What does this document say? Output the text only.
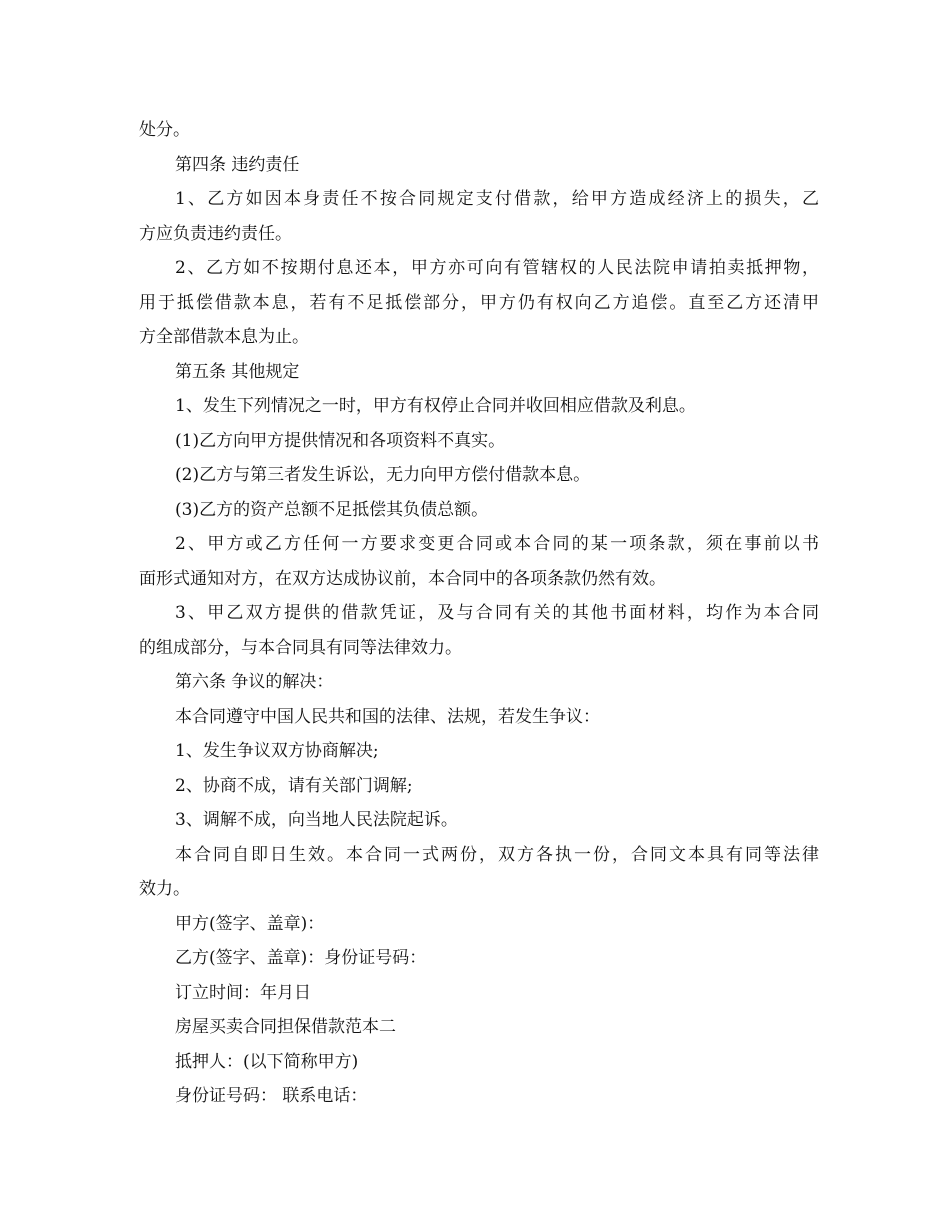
处分。
第四条 违约责任
1、乙方如因本身责任不按合同规定支付借款，给甲方造成经济上的损失，乙
方应负责违约责任。
2、乙方如不按期付息还本，甲方亦可向有管辖权的人民法院申请拍卖抵押物，
用于抵偿借款本息，若有不足抵偿部分，甲方仍有权向乙方追偿。直至乙方还清甲
方全部借款本息为止。
第五条 其他规定
1、发生下列情况之一时，甲方有权停止合同并收回相应借款及利息。
(1)乙方向甲方提供情况和各项资料不真实。
(2)乙方与第三者发生诉讼，无力向甲方偿付借款本息。
(3)乙方的资产总额不足抵偿其负债总额。
2、甲方或乙方任何一方要求变更合同或本合同的某一项条款，须在事前以书
面形式通知对方，在双方达成协议前，本合同中的各项条款仍然有效。
3、甲乙双方提供的借款凭证，及与合同有关的其他书面材料，均作为本合同
的组成部分，与本合同具有同等法律效力。
第六条 争议的解决：
本合同遵守中国人民共和国的法律、法规，若发生争议：
1、发生争议双方协商解决;
2、协商不成，请有关部门调解;
3、调解不成，向当地人民法院起诉。
本合同自即日生效。本合同一式两份，双方各执一份，合同文本具有同等法律
效力。
甲方(签字、盖章)：
乙方(签字、盖章)：身份证号码：
订立时间：年月日
房屋买卖合同担保借款范本二
抵押人：(以下简称甲方)
身份证号码： 联系电话：
